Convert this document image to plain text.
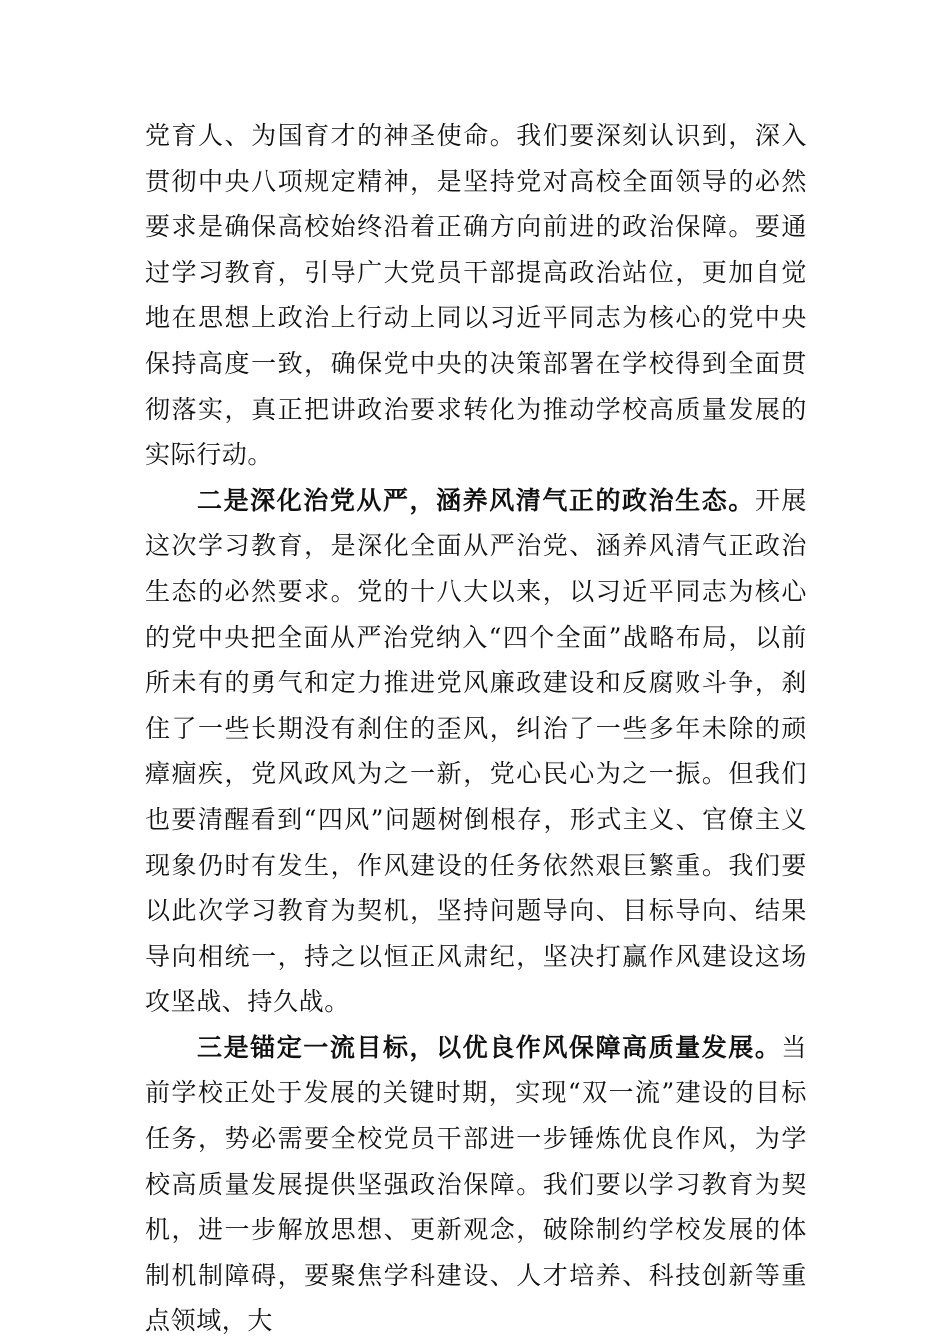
党育人、为国育才的神圣使命。我们要深刻认识到，深入贯彻中央八项规定精神，是坚持党对高校全面领导的必然要求是确保高校始终沿着正确方向前进的政治保障。要通过学习教育，引导广大党员干部提高政治站位，更加自觉地在思想上政治上行动上同以习近平同志为核心的党中央保持高度一致，确保党中央的决策部署在学校得到全面贯彻落实，真正把讲政治要求转化为推动学校高质量发展的实际行动。

二是深化治党从严，涵养风清气正的政治生态。开展这次学习教育，是深化全面从严治党、涵养风清气正政治生态的必然要求。党的十八大以来，以习近平同志为核心的党中央把全面从严治党纳入“四个全面”战略布局，以前所未有的勇气和定力推进党风廉政建设和反腐败斗争，刹住了一些长期没有刹住的歪风，纠治了一些多年未除的顽瘴痼疾，党风政风为之一新，党心民心为之一振。但我们也要清醒看到“四风”问题树倒根存，形式主义、官僚主义现象仍时有发生，作风建设的任务依然艰巨繁重。我们要以此次学习教育为契机，坚持问题导向、目标导向、结果导向相统一，持之以恒正风肃纪，坚决打赢作风建设这场攻坚战、持久战。

三是锚定一流目标，以优良作风保障高质量发展。当前学校正处于发展的关键时期，实现“双一流”建设的目标任务，势必需要全校党员干部进一步锤炼优良作风，为学校高质量发展提供坚强政治保障。我们要以学习教育为契机，进一步解放思想、更新观念，破除制约学校发展的体制机制障碍，要聚焦学科建设、人才培养、科技创新等重点领域，大
